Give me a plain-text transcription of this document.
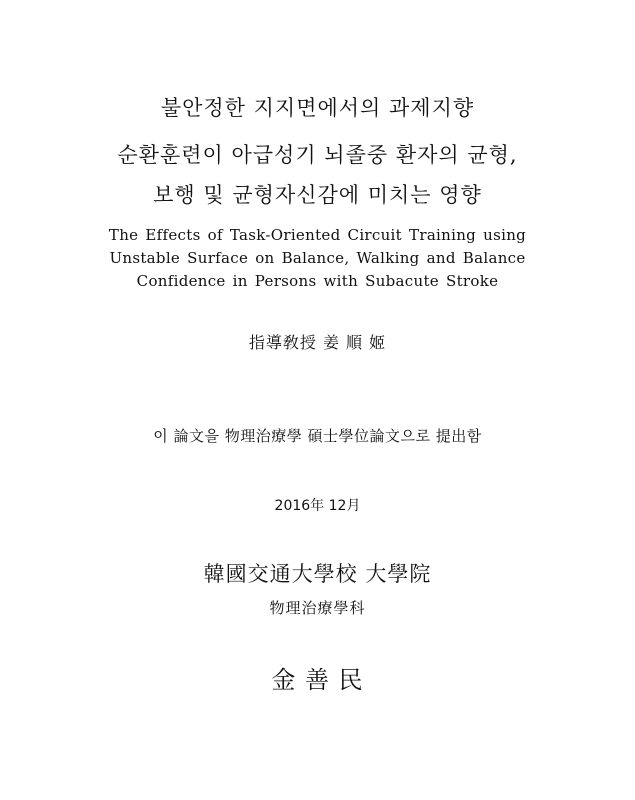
불안정한 지지면에서의 과제지향
순환훈련이 아급성기 뇌졸중 환자의 균형,
보행 및 균형자신감에 미치는 영향
The Effects of Task-Oriented Circuit Training using
Unstable Surface on Balance, Walking and Balance
Confidence in Persons with Subacute Stroke
指導敎授 姜 順 姬
이 論文을 物理治療學 碩士學位論文으로 提出함
2016年 12月
韓國交通大學校 大學院
物理治療學科
金 善 民
